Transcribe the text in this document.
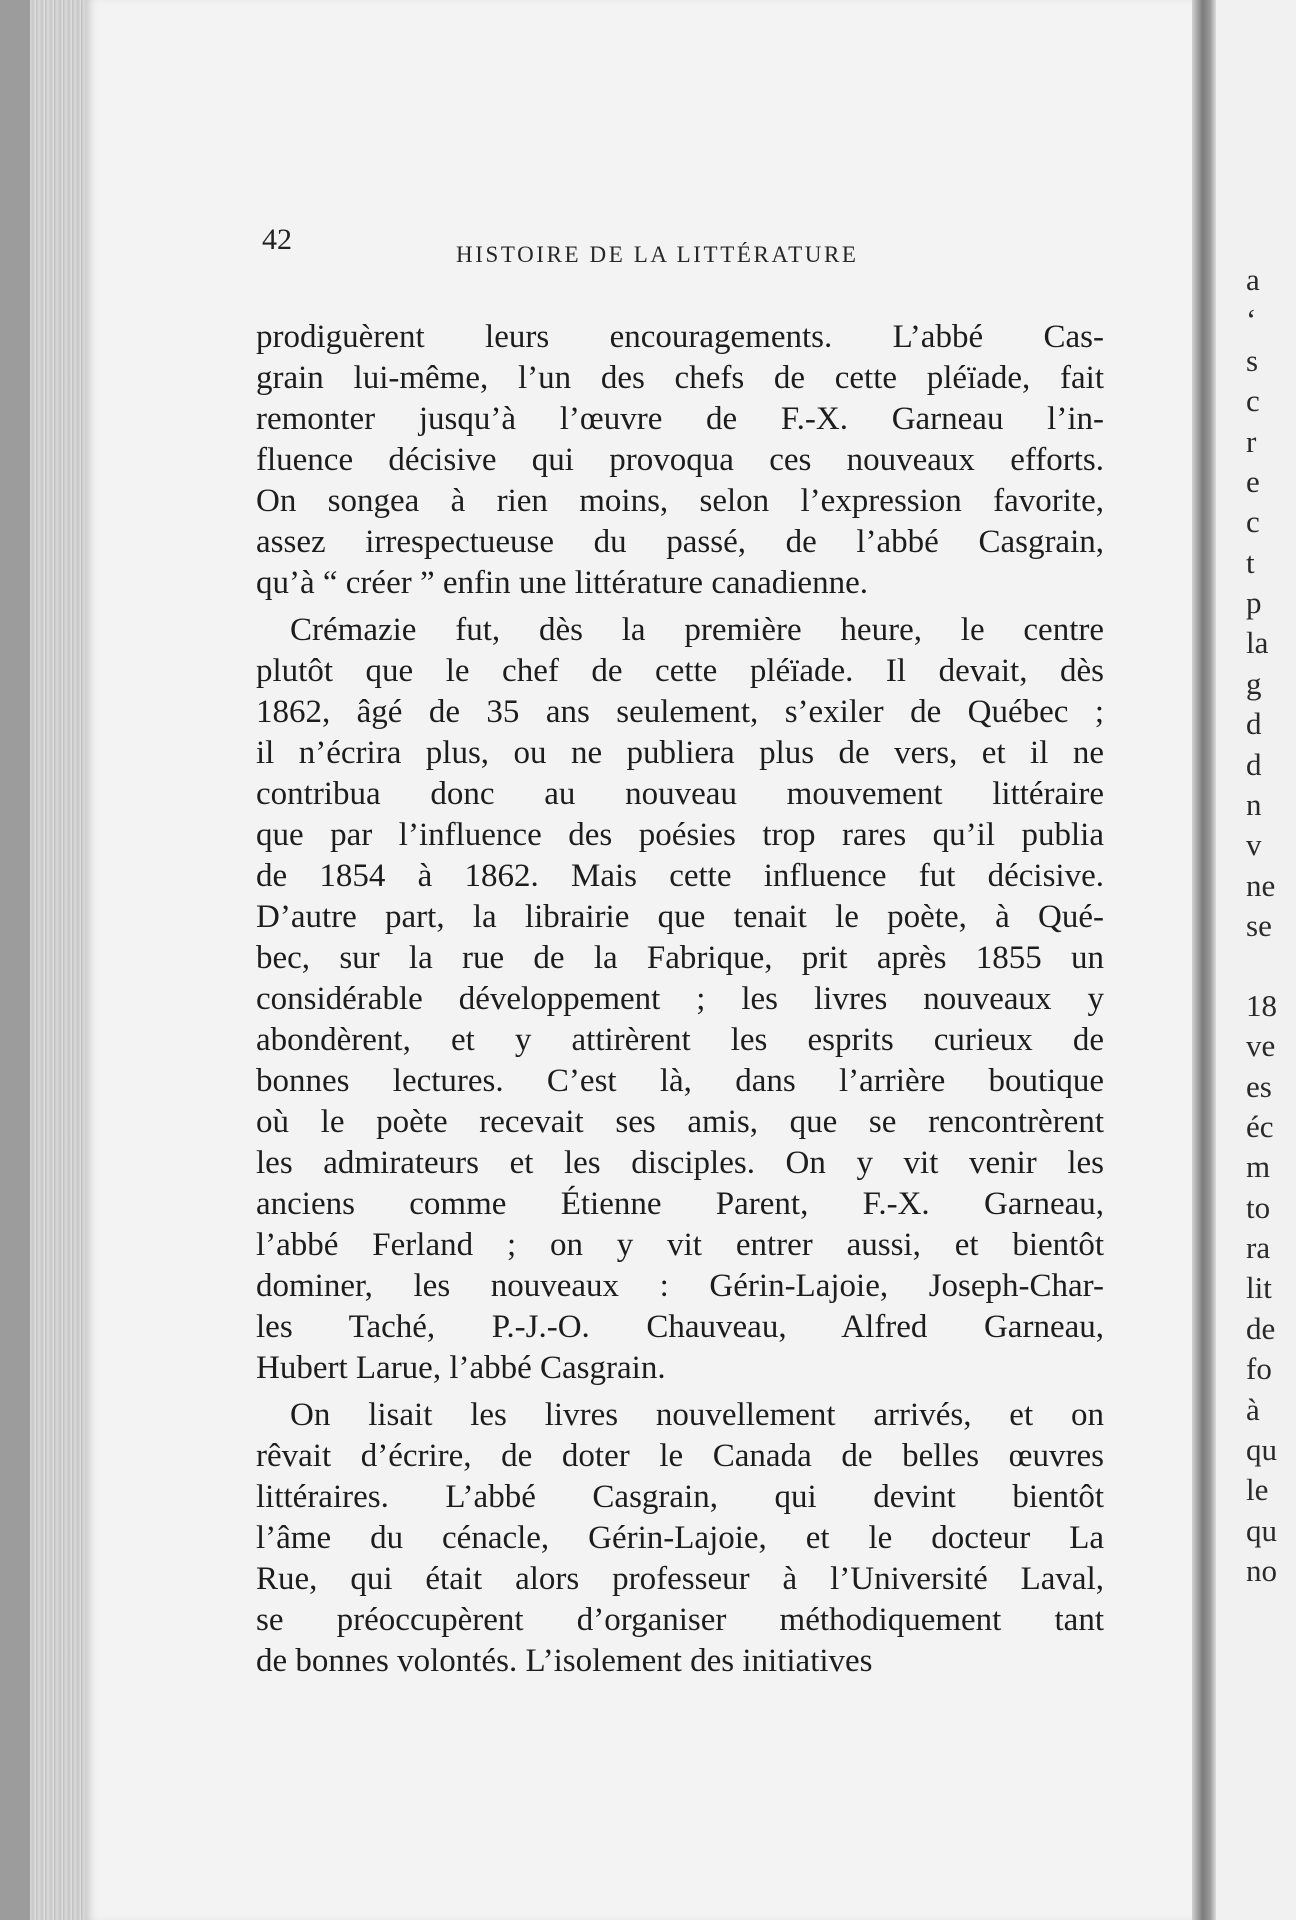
42	HISTOIRE DE LA LITTÉRATURE
prodiguèrent leurs encouragements. L’abbé Cas-
grain lui-même, l’un des chefs de cette pléïade, fait
remonter jusqu’à l’œuvre de F.-X. Garneau l’in-
fluence décisive qui provoqua ces nouveaux efforts.
On songea à rien moins, selon l’expression favorite,
assez irrespectueuse du passé, de l’abbé Casgrain,
qu’à “ créer ” enfin une littérature canadienne.
Crémazie fut, dès la première heure, le centre
plutôt que le chef de cette pléïade. Il devait, dès
1862, âgé de 35 ans seulement, s’exiler de Québec ;
il n’écrira plus, ou ne publiera plus de vers, et il ne
contribua donc au nouveau mouvement littéraire
que par l’influence des poésies trop rares qu’il publia
de 1854 à 1862. Mais cette influence fut décisive.
D’autre part, la librairie que tenait le poète, à Qué-
bec, sur la rue de la Fabrique, prit après 1855 un
considérable développement ; les livres nouveaux y
abondèrent, et y attirèrent les esprits curieux de
bonnes lectures. C’est là, dans l’arrière boutique
où le poète recevait ses amis, que se rencontrèrent
les admirateurs et les disciples. On y vit venir les
anciens comme Étienne Parent, F.-X. Garneau,
l’abbé Ferland ; on y vit entrer aussi, et bientôt
dominer, les nouveaux : Gérin-Lajoie, Joseph-Char-
les Taché, P.-J.-O. Chauveau, Alfred Garneau,
Hubert Larue, l’abbé Casgrain.
On lisait les livres nouvellement arrivés, et on
rêvait d’écrire, de doter le Canada de belles œuvres
littéraires. L’abbé Casgrain, qui devint bientôt
l’âme du cénacle, Gérin-Lajoie, et le docteur La
Rue, qui était alors professeur à l’Université Laval,
se préoccupèrent d’organiser méthodiquement tant
de bonnes volontés. L’isolement des initiatives
a
‘
s
c
r
e
c
t
p
la
g
d
d
n
v
ne
se
18
ve
es
éc
m
to
ra
lit
de
fo
à
qu
le
qu
no
